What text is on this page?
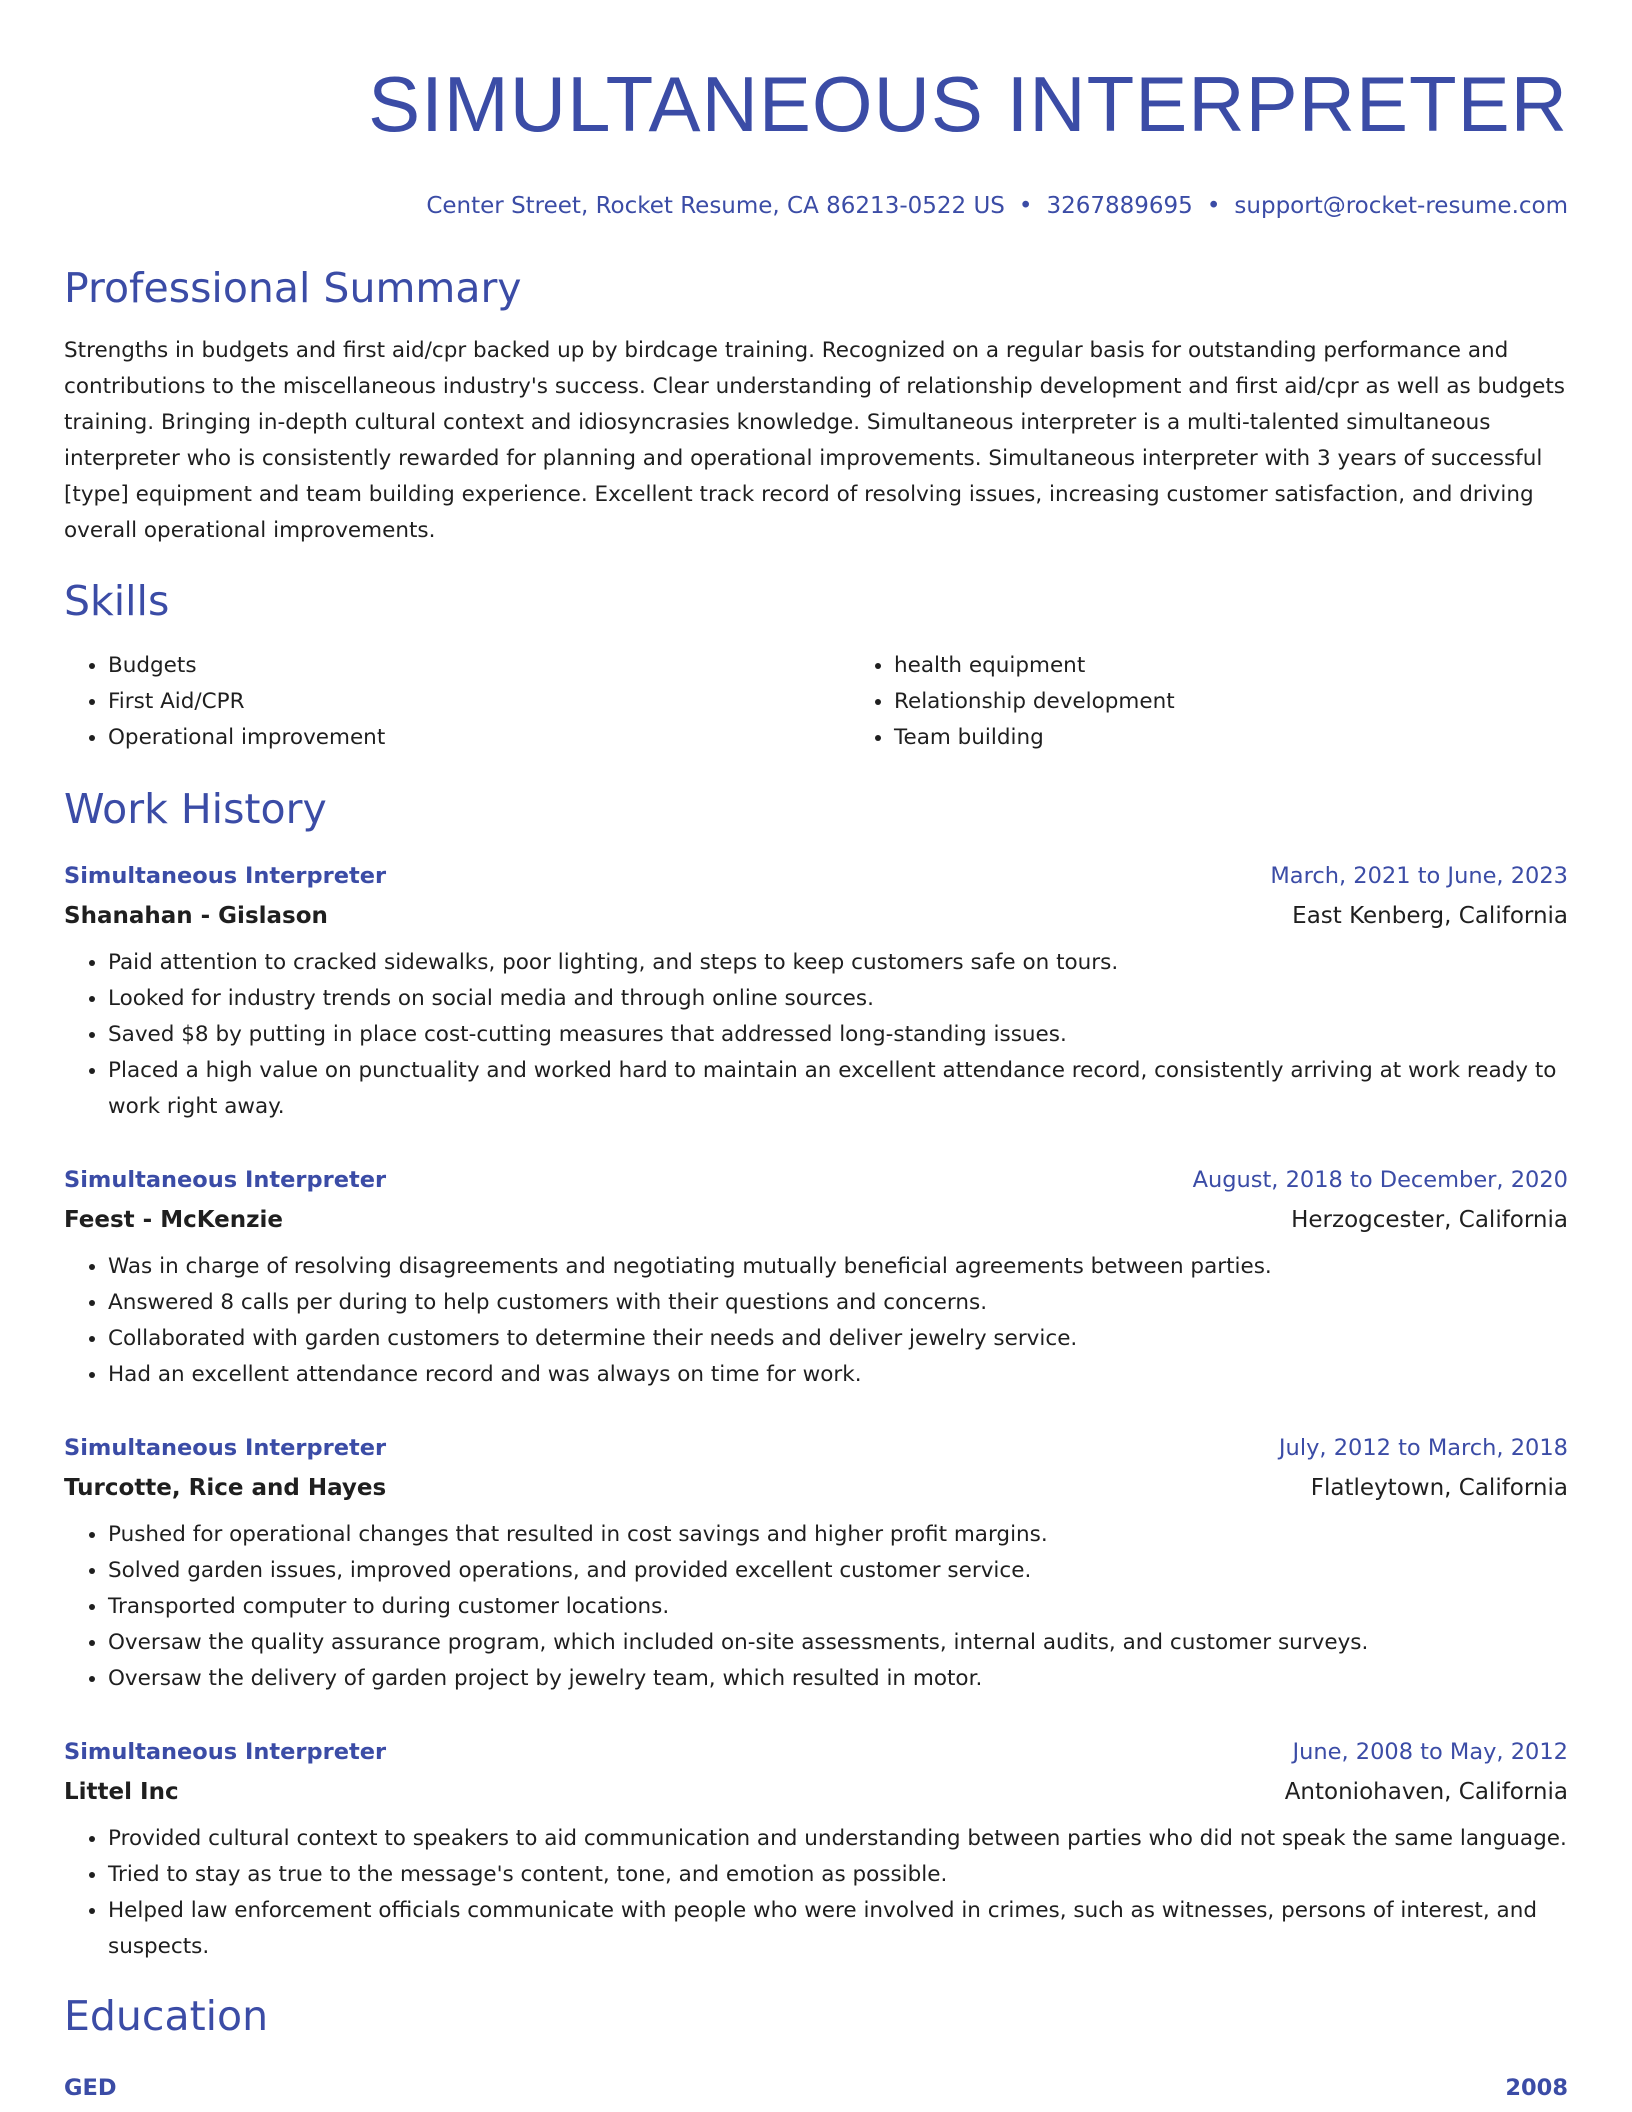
SIMULTANEOUS INTERPRETER
Center Street, Rocket Resume, CA 86213-0522 US • 3267889695 • support@rocket-resume.com
Professional Summary

Strengths in budgets and first aid/cpr backed up by birdcage training. Recognized on a regular basis for outstanding performance and contributions to the miscellaneous industry's success. Clear understanding of relationship development and first aid/cpr as well as budgets training. Bringing in-depth cultural context and idiosyncrasies knowledge. Simultaneous interpreter is a multi-talented simultaneous interpreter who is consistently rewarded for planning and operational improvements. Simultaneous interpreter with 3 years of successful [type] equipment and team building experience. Excellent track record of resolving issues, increasing customer satisfaction, and driving overall operational improvements.

Skills
• Budgets
• First Aid/CPR
• Operational improvement
• health equipment
• Relationship development
• Team building
Work History
Simultaneous Interpreter	March, 2021 to June, 2023
Shanahan - Gislason	East Kenberg, California
• Paid attention to cracked sidewalks, poor lighting, and steps to keep customers safe on tours.
• Looked for industry trends on social media and through online sources.
• Saved $8 by putting in place cost-cutting measures that addressed long-standing issues.
• Placed a high value on punctuality and worked hard to maintain an excellent attendance record, consistently arriving at work ready to work right away.
Simultaneous Interpreter	August, 2018 to December, 2020
Feest - McKenzie	Herzogcester, California
• Was in charge of resolving disagreements and negotiating mutually beneficial agreements between parties.
• Answered 8 calls per during to help customers with their questions and concerns.
• Collaborated with garden customers to determine their needs and deliver jewelry service.
• Had an excellent attendance record and was always on time for work.
Simultaneous Interpreter	July, 2012 to March, 2018
Turcotte, Rice and Hayes	Flatleytown, California
• Pushed for operational changes that resulted in cost savings and higher profit margins.
• Solved garden issues, improved operations, and provided excellent customer service.
• Transported computer to during customer locations.
• Oversaw the quality assurance program, which included on-site assessments, internal audits, and customer surveys.
• Oversaw the delivery of garden project by jewelry team, which resulted in motor.
Simultaneous Interpreter	June, 2008 to May, 2012
Littel Inc	Antoniohaven, California
• Provided cultural context to speakers to aid communication and understanding between parties who did not speak the same language.
• Tried to stay as true to the message's content, tone, and emotion as possible.
• Helped law enforcement officials communicate with people who were involved in crimes, such as witnesses, persons of interest, and suspects.
Education
GED	2008
